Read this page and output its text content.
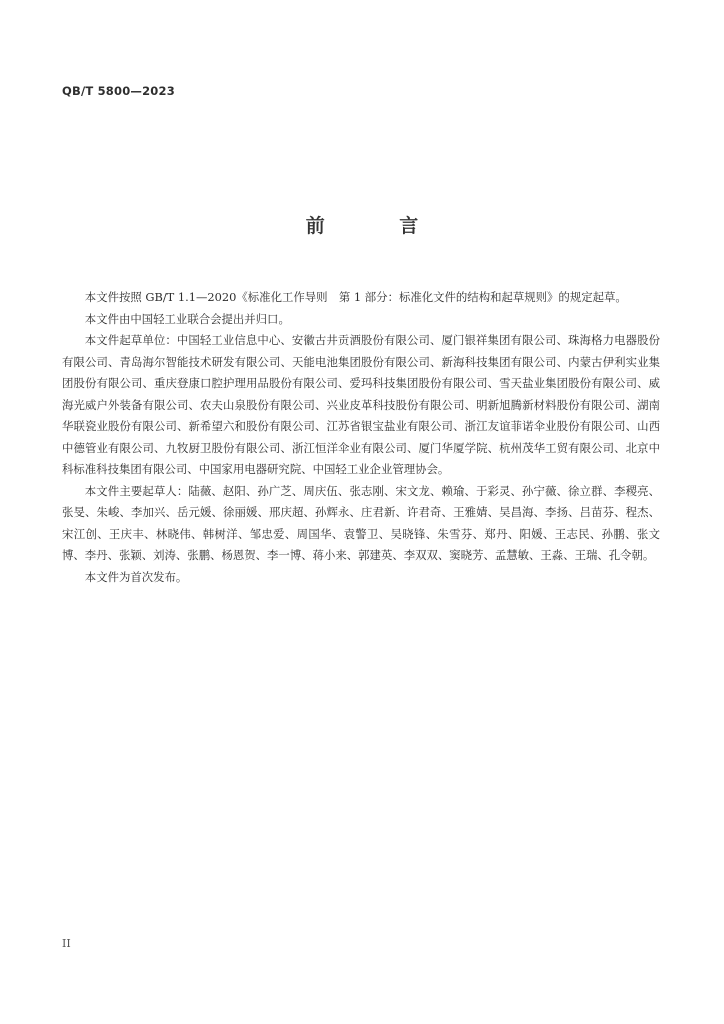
QB/T 5800—2023
前 言

本文件按照 GB/T 1.1—2020《标准化工作导则　第 1 部分：标准化文件的结构和起草规则》的规定起草。

本文件由中国轻工业联合会提出并归口。

本文件起草单位：中国轻工业信息中心、安徽古井贡酒股份有限公司、厦门银祥集团有限公司、珠海格力电器股份有限公司、青岛海尔智能技术研发有限公司、天能电池集团股份有限公司、新海科技集团有限公司、内蒙古伊利实业集团股份有限公司、重庆登康口腔护理用品股份有限公司、爱玛科技集团股份有限公司、雪天盐业集团股份有限公司、威海光威户外装备有限公司、农夫山泉股份有限公司、兴业皮革科技股份有限公司、明新旭腾新材料股份有限公司、湖南华联瓷业股份有限公司、新希望六和股份有限公司、江苏省银宝盐业有限公司、浙江友谊菲诺伞业股份有限公司、山西中德管业有限公司、九牧厨卫股份有限公司、浙江恒洋伞业有限公司、厦门华厦学院、杭州茂华工贸有限公司、北京中科标准科技集团有限公司、中国家用电器研究院、中国轻工业企业管理协会。

本文件主要起草人：陆薇、赵阳、孙广芝、周庆伍、张志刚、宋文龙、赖瑜、于彩灵、孙宁薇、徐立群、李稷亮、张旻、朱峻、李加兴、岳元媛、徐丽媛、邢庆超、孙辉永、庄君新、许君奇、王雅婧、吴昌海、李扬、吕苗芬、程杰、宋江创、王庆丰、林晓伟、韩树洋、邹忠爱、周国华、袁警卫、吴晓锋、朱雪芬、郑丹、阳媛、王志民、孙鹏、张文博、李丹、张颖、刘涛、张鹏、杨恩贺、李一博、蒋小来、郭建英、李双双、窦晓芳、孟慧敏、王淼、王瑞、孔令朝。

本文件为首次发布。

II
